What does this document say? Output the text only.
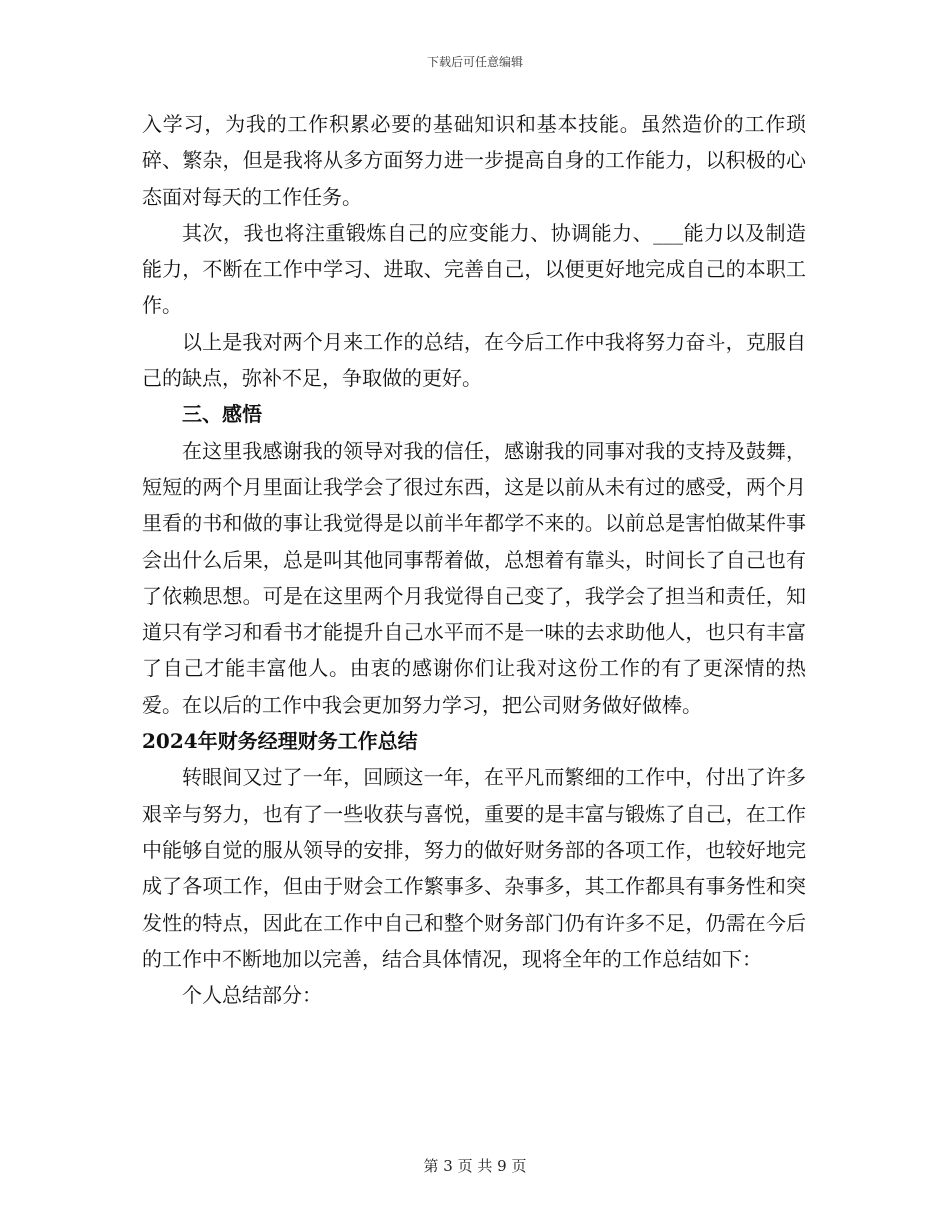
下载后可任意编辑

入学习，为我的工作积累必要的基础知识和基本技能。虽然造价的工作琐碎、繁杂，但是我将从多方面努力进一步提高自身的工作能力，以积极的心态面对每天的工作任务。

其次，我也将注重锻炼自己的应变能力、协调能力、___能力以及制造能力，不断在工作中学习、进取、完善自己，以便更好地完成自己的本职工作。

以上是我对两个月来工作的总结，在今后工作中我将努力奋斗，克服自己的缺点，弥补不足，争取做的更好。

三、感悟

在这里我感谢我的领导对我的信任，感谢我的同事对我的支持及鼓舞，短短的两个月里面让我学会了很过东西，这是以前从未有过的感受，两个月里看的书和做的事让我觉得是以前半年都学不来的。以前总是害怕做某件事会出什么后果，总是叫其他同事帮着做，总想着有靠头，时间长了自己也有了依赖思想。可是在这里两个月我觉得自己变了，我学会了担当和责任，知道只有学习和看书才能提升自己水平而不是一味的去求助他人，也只有丰富了自己才能丰富他人。由衷的感谢你们让我对这份工作的有了更深情的热爱。在以后的工作中我会更加努力学习，把公司财务做好做棒。

2024年财务经理财务工作总结

转眼间又过了一年，回顾这一年，在平凡而繁细的工作中，付出了许多艰辛与努力，也有了一些收获与喜悦，重要的是丰富与锻炼了自己，在工作中能够自觉的服从领导的安排，努力的做好财务部的各项工作，也较好地完成了各项工作，但由于财会工作繁事多、杂事多，其工作都具有事务性和突发性的特点，因此在工作中自己和整个财务部门仍有许多不足，仍需在今后的工作中不断地加以完善，结合具体情况，现将全年的工作总结如下：

个人总结部分：

第 3 页 共 9 页
